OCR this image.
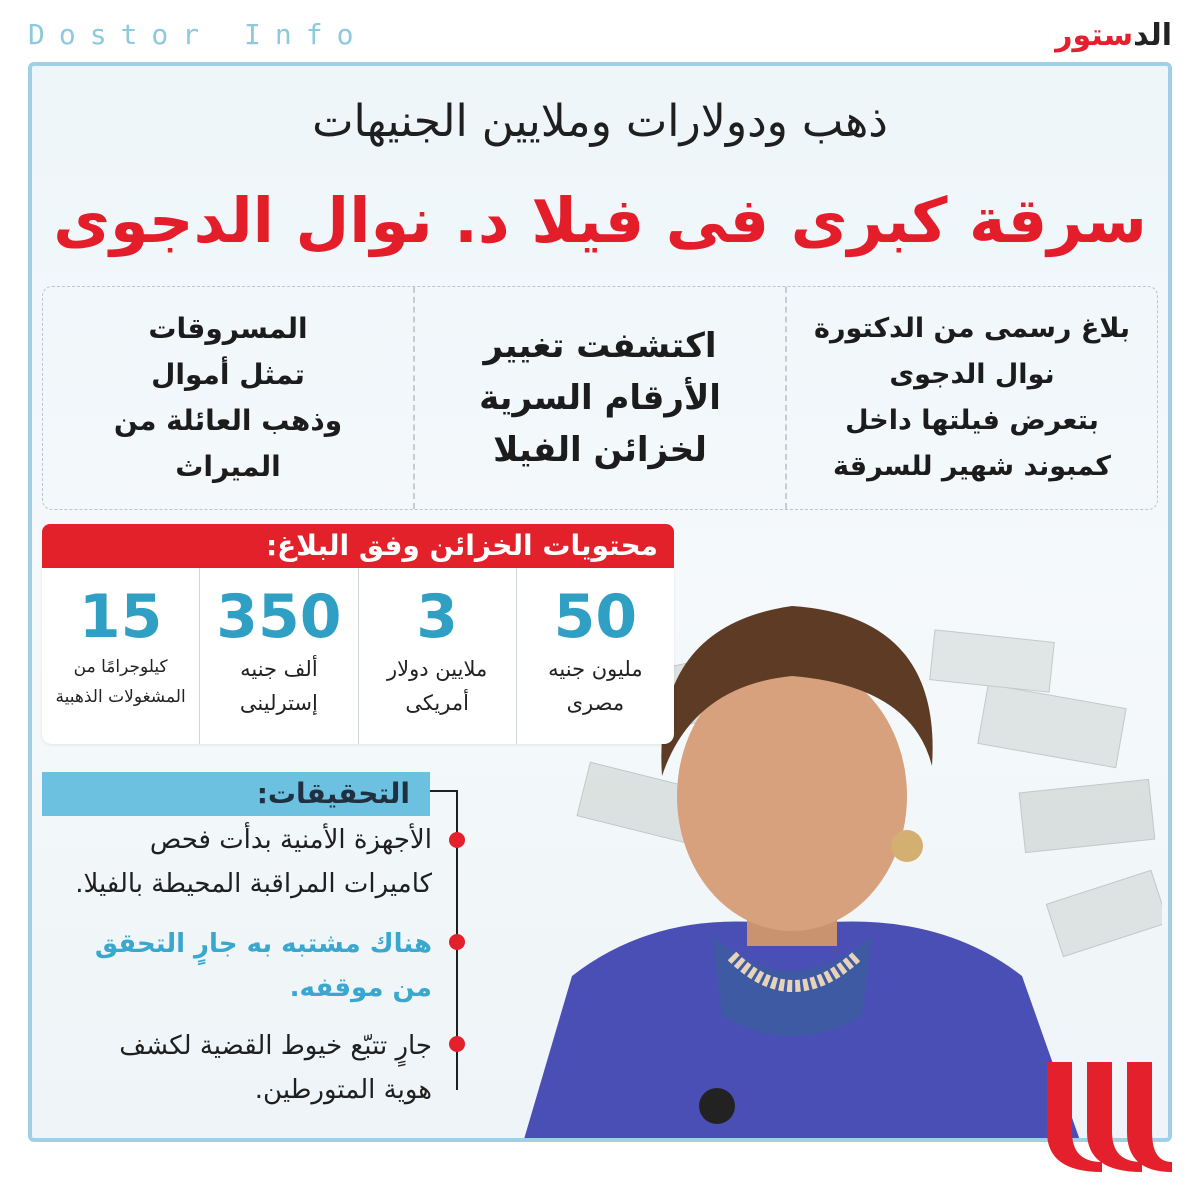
Dostor Info	الدستور
ذهب ودولارات وملايين الجنيهات
سرقة كبرى فى فيلا د. نوال الدجوى
بلاغ رسمى من الدكتورة
نوال الدجوى
بتعرض فيلتها داخل
كمبوند شهير للسرقة
اكتشفت تغيير
الأرقام السرية
لخزائن الفيلا
المسروقات
تمثل أموال
وذهب العائلة من
الميراث
محتويات الخزائن وفق البلاغ:
50
مليون جنيه
مصرى
3
ملايين دولار
أمريكى
350
ألف جنيه
إسترلينى
15
كيلوجرامًا من
المشغولات الذهبية
التحقيقات:
الأجهزة الأمنية بدأت فحص
كاميرات المراقبة المحيطة بالفيلا.
هناك مشتبه به جارٍ التحقق
من موقفه.
جارٍ تتبّع خيوط القضية لكشف
هوية المتورطين.
